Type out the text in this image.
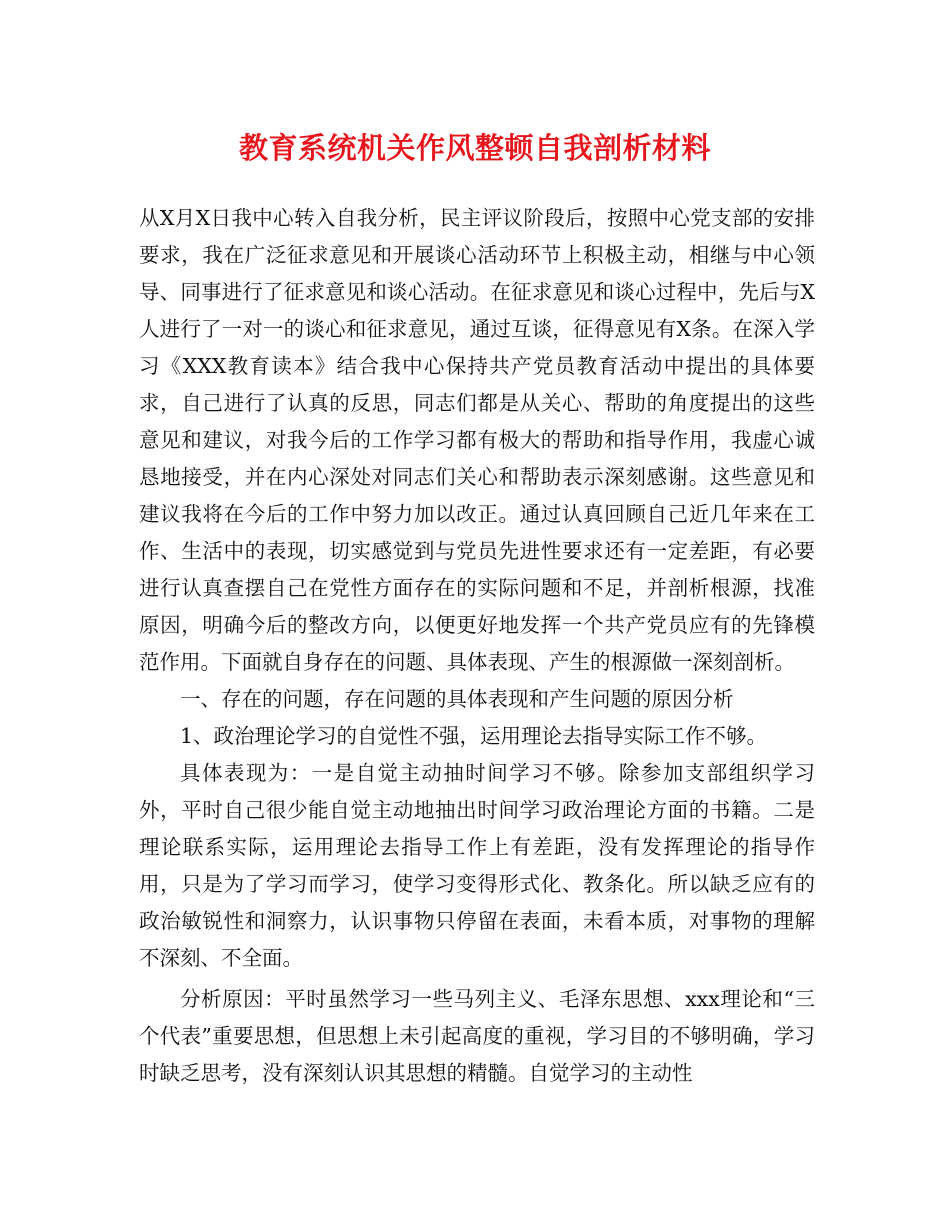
教育系统机关作风整顿自我剖析材料

从X月X日我中心转入自我分析，民主评议阶段后，按照中心党支部的安排要求，我在广泛征求意见和开展谈心活动环节上积极主动，相继与中心领导、同事进行了征求意见和谈心活动。在征求意见和谈心过程中，先后与X人进行了一对一的谈心和征求意见，通过互谈，征得意见有X条。在深入学习《XXX教育读本》结合我中心保持共产党员教育活动中提出的具体要求，自己进行了认真的反思，同志们都是从关心、帮助的角度提出的这些意见和建议，对我今后的工作学习都有极大的帮助和指导作用，我虚心诚恳地接受，并在内心深处对同志们关心和帮助表示深刻感谢。这些意见和建议我将在今后的工作中努力加以改正。通过认真回顾自己近几年来在工作、生活中的表现，切实感觉到与党员先进性要求还有一定差距，有必要进行认真查摆自己在党性方面存在的实际问题和不足，并剖析根源，找准原因，明确今后的整改方向，以便更好地发挥一个共产党员应有的先锋模范作用。下面就自身存在的问题、具体表现、产生的根源做一深刻剖析。

一、存在的问题，存在问题的具体表现和产生问题的原因分析

1、政治理论学习的自觉性不强，运用理论去指导实际工作不够。

具体表现为：一是自觉主动抽时间学习不够。除参加支部组织学习外，平时自己很少能自觉主动地抽出时间学习政治理论方面的书籍。二是理论联系实际，运用理论去指导工作上有差距，没有发挥理论的指导作用，只是为了学习而学习，使学习变得形式化、教条化。所以缺乏应有的政治敏锐性和洞察力，认识事物只停留在表面，未看本质，对事物的理解不深刻、不全面。

分析原因：平时虽然学习一些马列主义、毛泽东思想、xxx理论和“三个代表”重要思想，但思想上未引起高度的重视，学习目的不够明确，学习时缺乏思考，没有深刻认识其思想的精髓。自觉学习的主动性
